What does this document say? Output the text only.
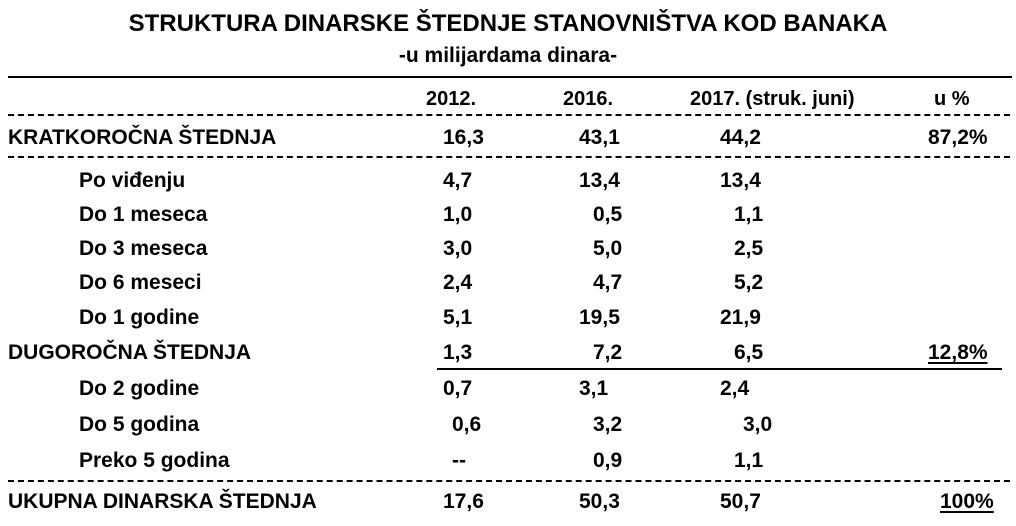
STRUKTURA DINARSKE ŠTEDNJE STANOVNIŠTVA KOD BANAKA
-u milijardama dinara-
2012.	2016.	2017. (struk. juni)	u %
KRATKOROČNA ŠTEDNJA	16,3	43,1	44,2	87,2%
Po viđenju	4,7	13,4	13,4
Do 1 meseca	1,0	0,5	1,1
Do 3 meseca	3,0	5,0	2,5
Do 6 meseci	2,4	4,7	5,2
Do 1 godine	5,1	19,5	21,9
DUGOROČNA ŠTEDNJA	1,3	7,2	6,5	12,8%
Do 2 godine	0,7	3,1	2,4
Do 5 godina	0,6	3,2	3,0
Preko 5 godina	--	0,9	1,1
UKUPNA DINARSKA ŠTEDNJA	17,6	50,3	50,7	100%
